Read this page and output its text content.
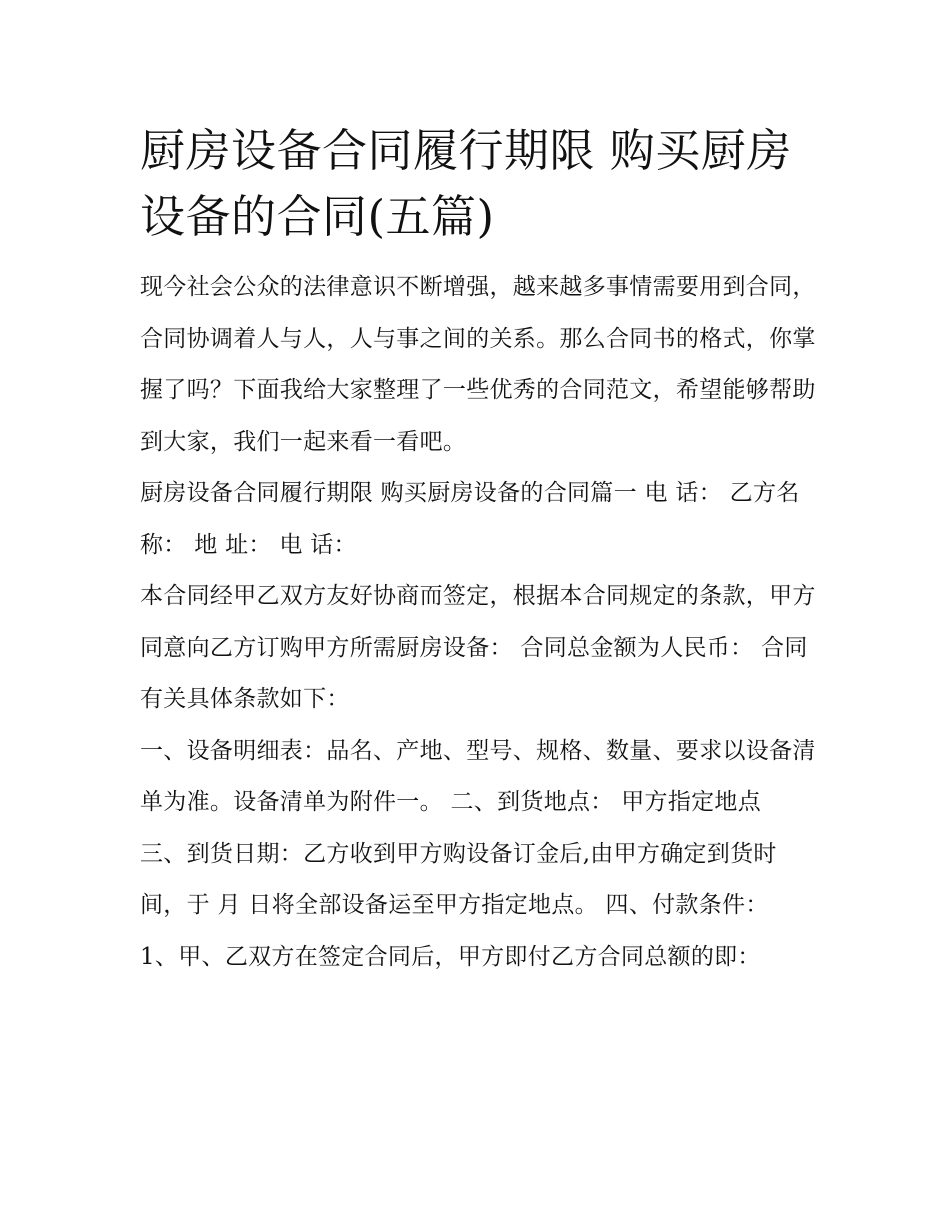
厨房设备合同履行期限 购买厨房设备的合同(五篇)

现今社会公众的法律意识不断增强，越来越多事情需要用到合同，合同协调着人与人，人与事之间的关系。那么合同书的格式，你掌握了吗？下面我给大家整理了一些优秀的合同范文，希望能够帮助到大家，我们一起来看一看吧。

厨房设备合同履行期限 购买厨房设备的合同篇一 电 话： 乙方名称： 地 址： 电 话：

本合同经甲乙双方友好协商而签定，根据本合同规定的条款，甲方同意向乙方订购甲方所需厨房设备： 合同总金额为人民币： 合同有关具体条款如下：

一、设备明细表：品名、产地、型号、规格、数量、要求以设备清单为准。设备清单为附件一。 二、到货地点： 甲方指定地点

三、到货日期：乙方收到甲方购设备订金后,由甲方确定到货时间，于 月 日将全部设备运至甲方指定地点。 四、付款条件：

1、甲、乙双方在签定合同后，甲方即付乙方合同总额的即：
